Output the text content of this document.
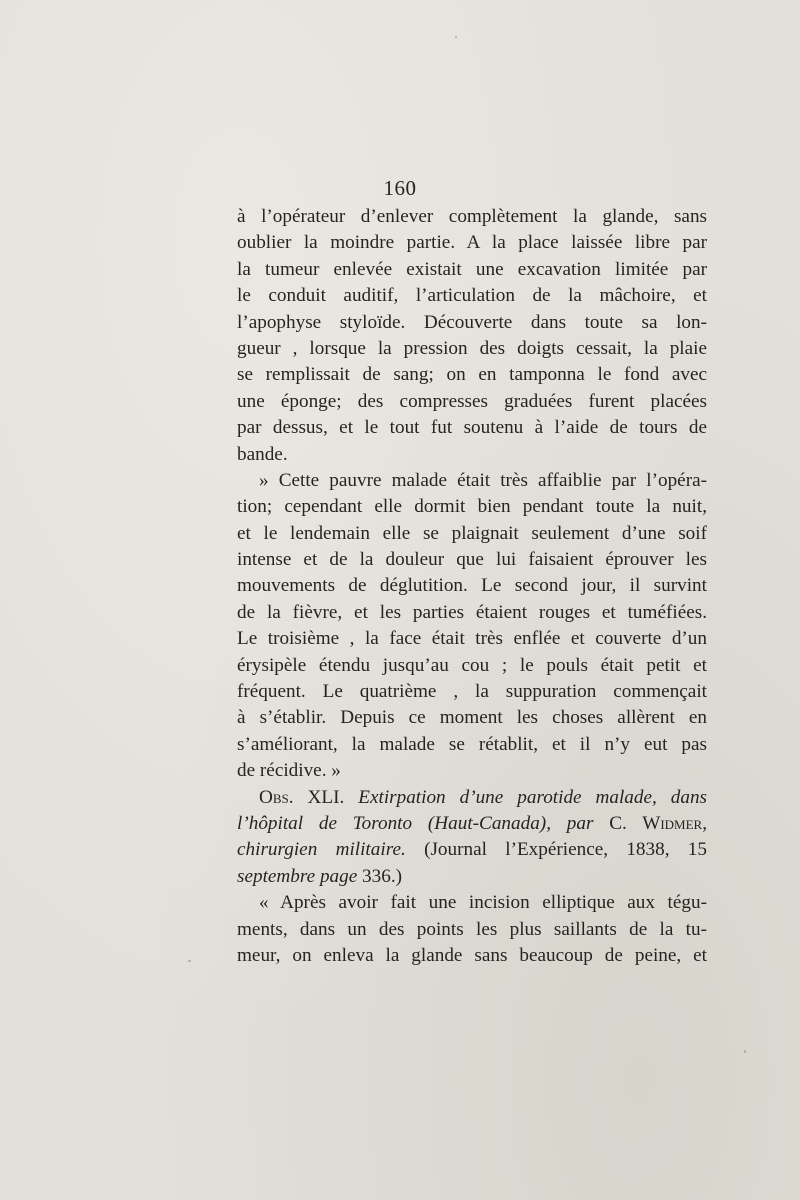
160
à l’opérateur d’enlever complètement la glande, sans
oublier la moindre partie. A la place laissée libre par
la tumeur enlevée existait une excavation limitée par
le conduit auditif, l’articulation de la mâchoire, et
l’apophyse styloïde. Découverte dans toute sa lon-
gueur , lorsque la pression des doigts cessait, la plaie
se remplissait de sang; on en tamponna le fond avec
une éponge; des compresses graduées furent placées
par dessus, et le tout fut soutenu à l’aide de tours de
bande.
» Cette pauvre malade était très affaiblie par l’opéra-
tion; cependant elle dormit bien pendant toute la nuit,
et le lendemain elle se plaignait seulement d’une soif
intense et de la douleur que lui faisaient éprouver les
mouvements de déglutition. Le second jour, il survint
de la fièvre, et les parties étaient rouges et tuméfiées.
Le troisième , la face était très enflée et couverte d’un
érysipèle étendu jusqu’au cou ; le pouls était petit et
fréquent. Le quatrième , la suppuration commençait
à s’établir. Depuis ce moment les choses allèrent en
s’améliorant, la malade se rétablit, et il n’y eut pas
de récidive. »
Obs. XLI. Extirpation d’une parotide malade, dans
l’hôpital de Toronto (Haut-Canada), par C. Widmer,
chirurgien militaire. (Journal l’Expérience, 1838, 15
septembre page 336.)
« Après avoir fait une incision elliptique aux tégu-
ments, dans un des points les plus saillants de la tu-
meur, on enleva la glande sans beaucoup de peine, et
